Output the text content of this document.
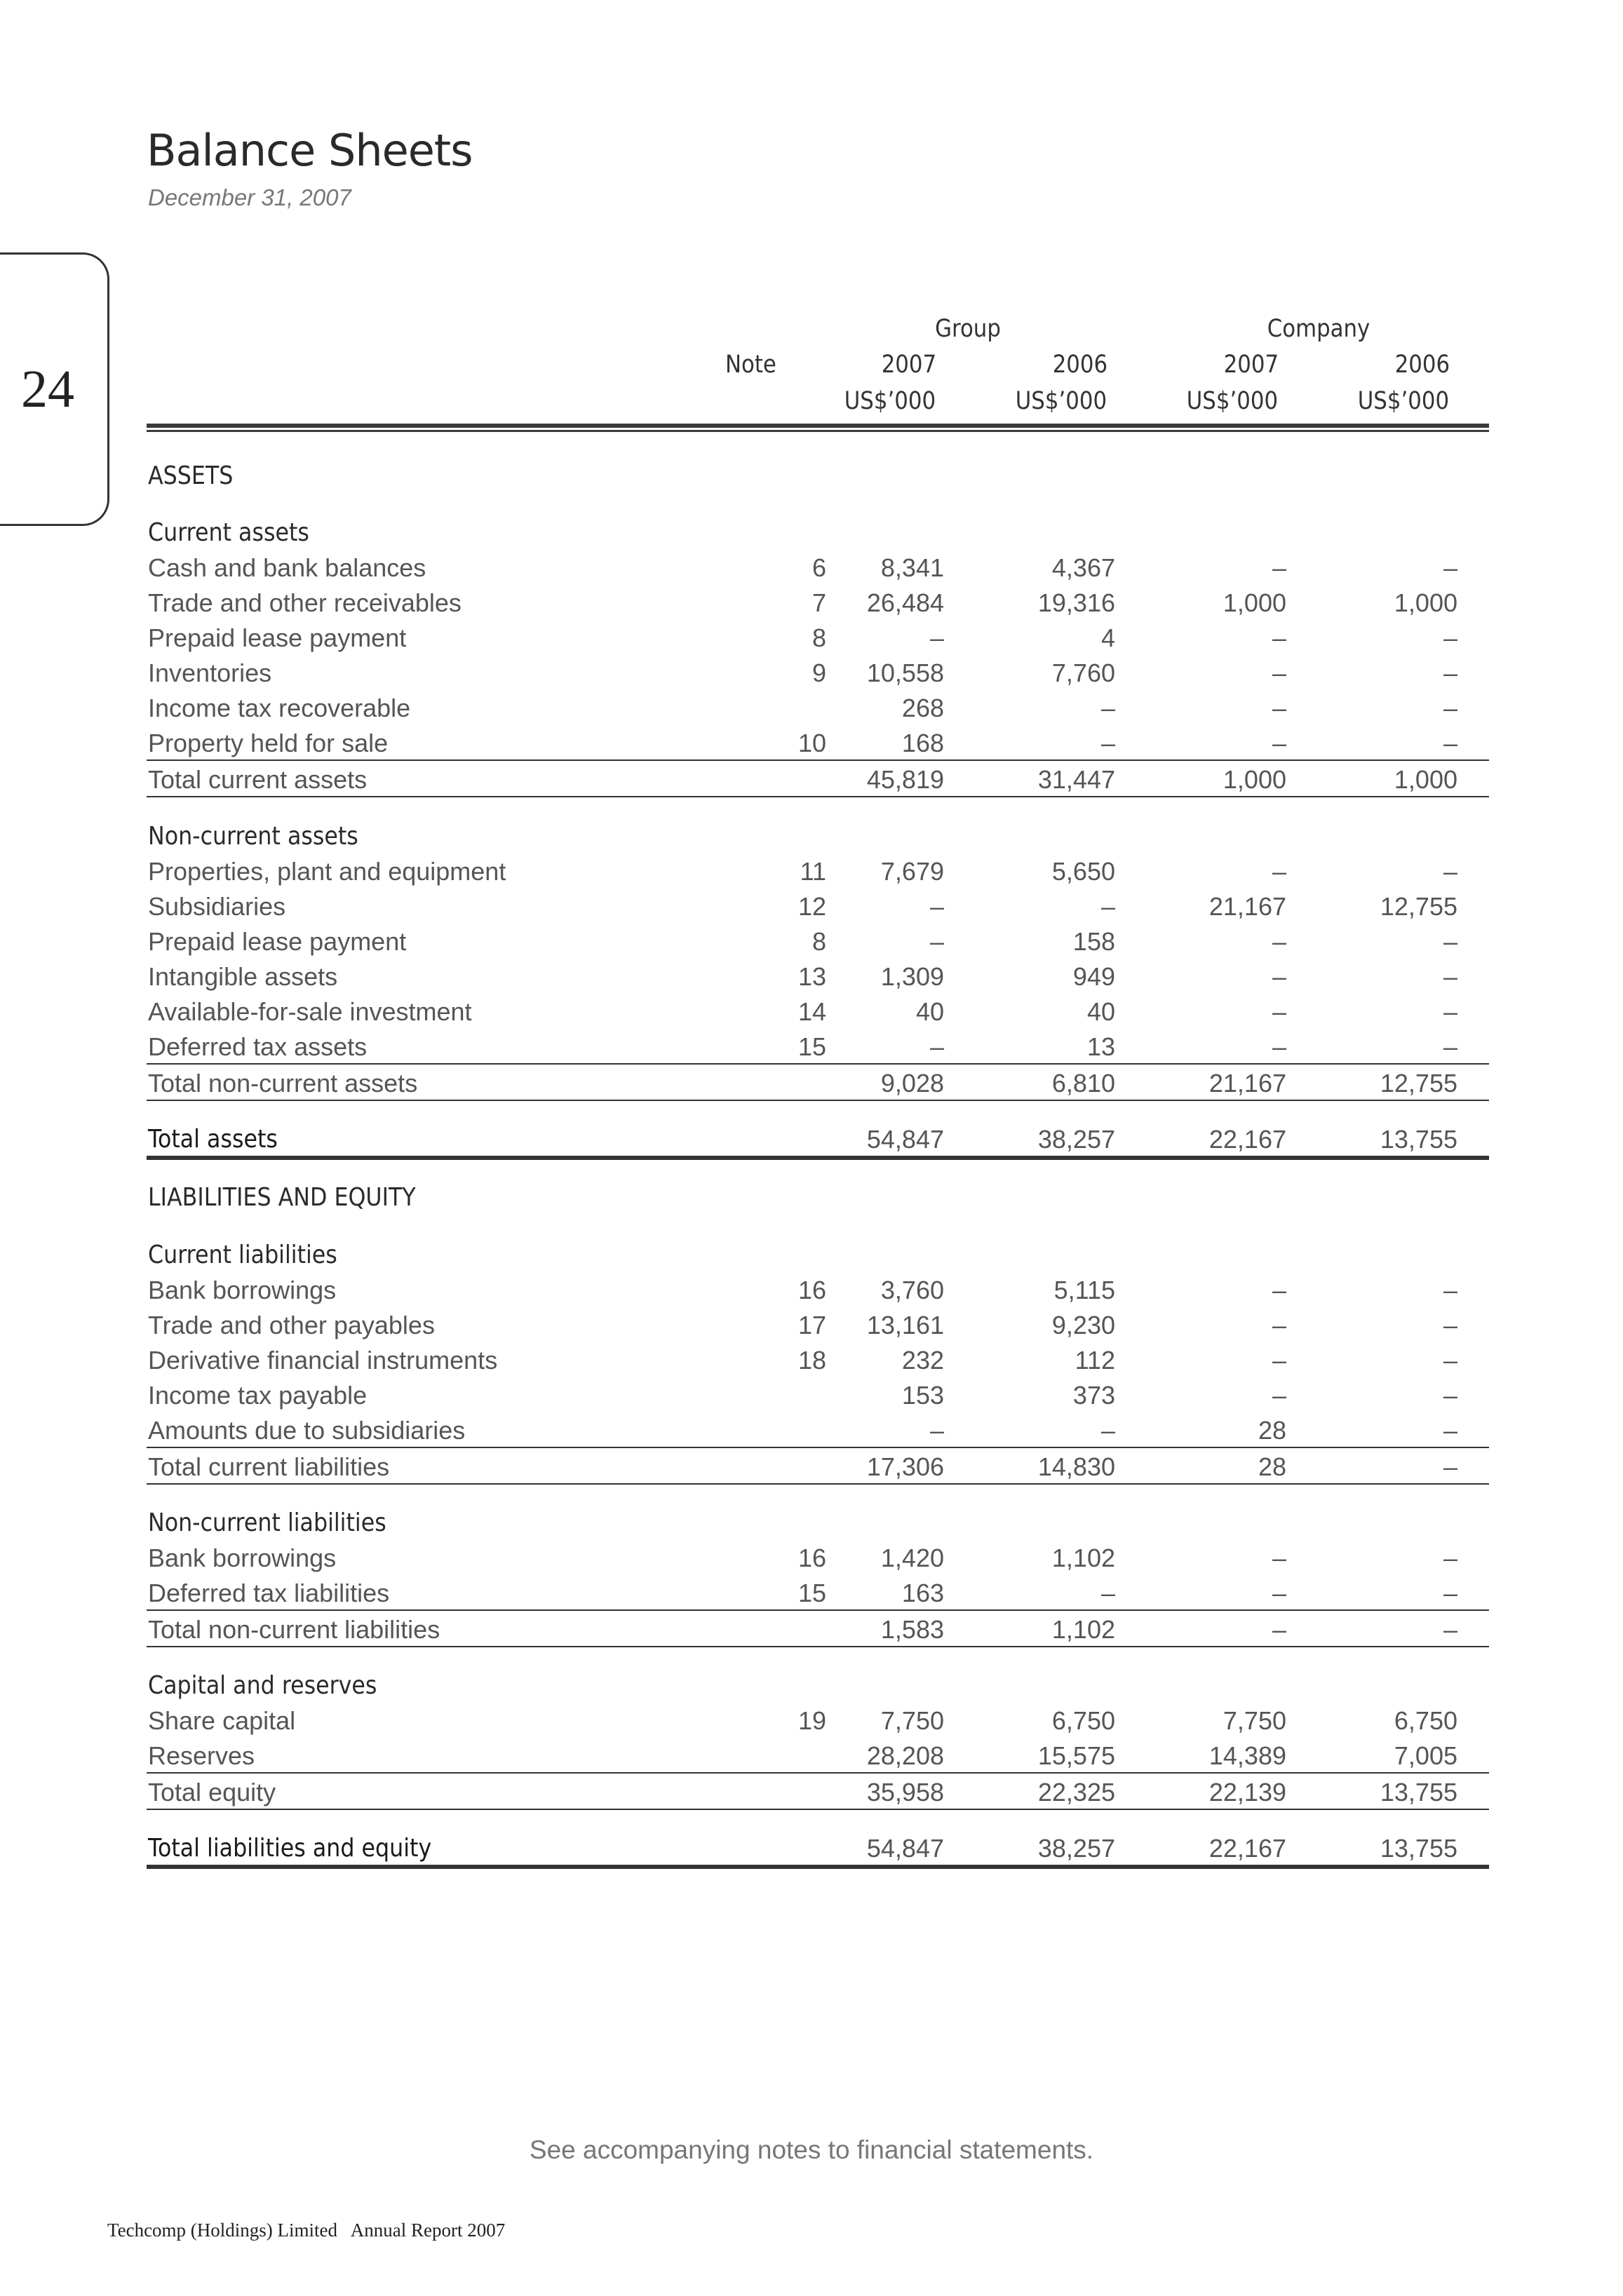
Balance Sheets
December 31, 2007
24
Group	Company
Note	2007	2006	2007	2006
US$’000	US$’000	US$’000	US$’000
ASSETS
Current assets
Cash and bank balances	6 8,341	4,367	–	–
Trade and other receivables	7 26,484	19,316	1,000	1,000
Prepaid lease payment	8	–	4	–	–
Inventories	9 10,558	7,760	–	–
Income tax recoverable	268	–	–	–
Property held for sale	10	168	–	–	–
Total current assets	45,819	31,447	1,000	1,000
Non-current assets
Properties, plant and equipment	11 7,679	5,650	–	–
Subsidiaries	12	–	–	21,167	12,755
Prepaid lease payment	8	–	158	–	–
Intangible assets	13 1,309	949	–	–
Available-for-sale investment	14	40	40	–	–
Deferred tax assets	15	–	13	–	–
Total non-current assets	9,028	6,810	21,167	12,755
Total assets	54,847	38,257	22,167	13,755
LIABILITIES AND EQUITY
Current liabilities
Bank borrowings	16 3,760	5,115	–	–
Trade and other payables	17 13,161	9,230	–	–
Derivative financial instruments	18	232	112	–	–
Income tax payable	153	373	–	–
Amounts due to subsidiaries	–	–	28	–
Total current liabilities	17,306	14,830	28	–
Non-current liabilities
Bank borrowings	16 1,420	1,102	–	–
Deferred tax liabilities	15	163	–	–	–
Total non-current liabilities	1,583	1,102	–	–
Capital and reserves
Share capital	19 7,750	6,750	7,750	6,750
Reserves	28,208	15,575	14,389	7,005
Total equity	35,958	22,325	22,139	13,755
Total liabilities and equity	54,847	38,257	22,167	13,755
See accompanying notes to financial statements.
Techcomp (Holdings) Limited   Annual Report 2007
